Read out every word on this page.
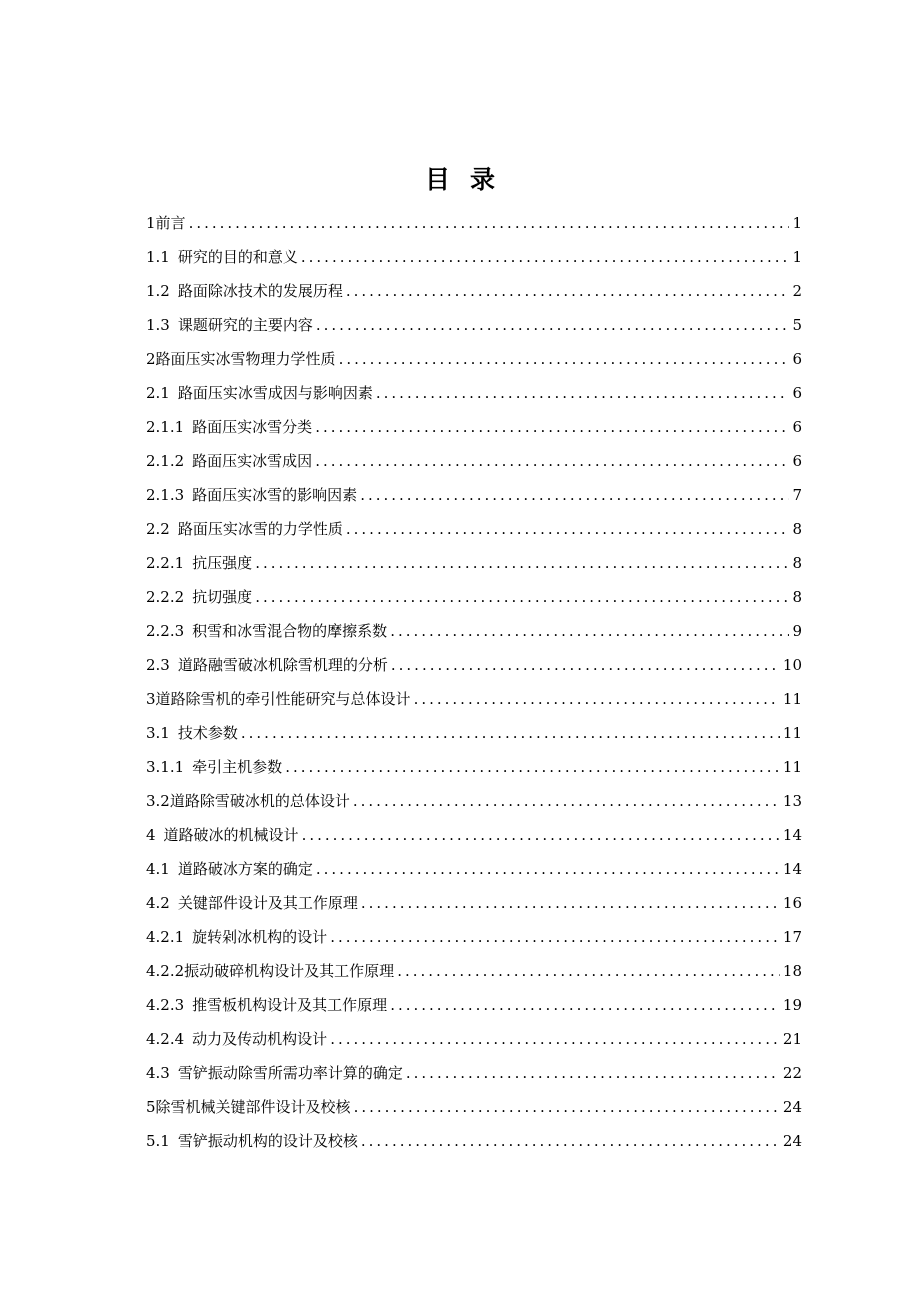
目录
1 前言 .....	1
1.1 研究的目的和意义 .....	1
1.2 路面除冰技术的发展历程 .....	2
1.3 课题研究的主要内容 .....	5
2 路面压实冰雪物理力学性质 .....	6
2.1 路面压实冰雪成因与影响因素 .....	6
2.1.1 路面压实冰雪分类 .....	6
2.1.2 路面压实冰雪成因 .....	6
2.1.3 路面压实冰雪的影响因素 .....	7
2.2 路面压实冰雪的力学性质 .....	8
2.2.1 抗压强度 .....	8
2.2.2 抗切强度 .....	8
2.2.3 积雪和冰雪混合物的摩擦系数 .....	9
2.3 道路融雪破冰机除雪机理的分析 .....	10
3 道路除雪机的牵引性能研究与总体设计 .....	11
3.1 技术参数 .....	11
3.1.1 牵引主机参数 .....	11
3.2 道路除雪破冰机的总体设计 .....	13
4 道路破冰的机械设计 .....	14
4.1 道路破冰方案的确定 .....	14
4.2 关键部件设计及其工作原理 .....	16
4.2.1 旋转剁冰机构的设计 .....	17
4.2.2 振动破碎机构设计及其工作原理 .....	18
4.2.3 推雪板机构设计及其工作原理 .....	19
4.2.4 动力及传动机构设计 .....	21
4.3 雪铲振动除雪所需功率计算的确定 .....	22
5 除雪机械关键部件设计及校核 .....	24
5.1 雪铲振动机构的设计及校核 .....	24
